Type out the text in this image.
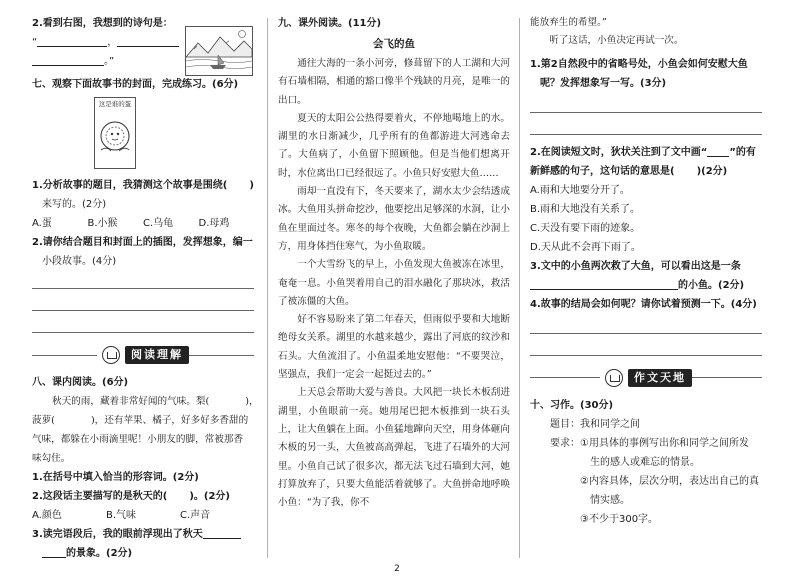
2.看到右图，我想到的诗句是：
“	，
。”
七、观察下面故事书的封面，完成练习。(6分)
这是谁的蛋
1.分析故事的题目，我猜测这个故事是围绕( )
来写的。(2分)
A.蛋	B.小猴	C.乌龟	D.母鸡
2.请你结合题目和封面上的插图，发挥想象，编一
小段故事。(4分)
阅读理解
八、课内阅读。(6分)
秋天的雨，藏着非常好闻的气味。梨(	)，
菠萝(	)，还有苹果、橘子，好多好多香甜的
气味，都躲在小雨滴里呢！小朋友的脚，常被那香
味勾住。
1.在括号中填入恰当的形容词。(2分)
2.这段话主要描写的是秋天的( )。(2分)
A.颜色	B.气味	C.声音
3.读完语段后，我的眼前浮现出了秋天
的景象。(2分)
九、课外阅读。(11分)
会飞的鱼

通往大海的一条小河旁，修葺留下的人工湖和大河有石墙相隔，相通的豁口像半个残缺的月亮，是唯一的出口。

夏天的太阳公公热得要着火，不停地喝地上的水。湖里的水日渐减少，几乎所有的鱼都游进大河逃命去了。大鱼病了，小鱼留下照顾他。但是当他们想离开时，水位离出口已经很远了。小鱼只好安慰大鱼……

雨却一直没有下，冬天要来了，湖水太少会结透成冰。大鱼用头拼命挖沙，他要挖出足够深的水洞，让小鱼在里面过冬。寒冬的每个夜晚，大鱼都会躺在沙洞上方，用身体挡住寒气，为小鱼取暖。

一个大雪纷飞的早上，小鱼发现大鱼被冻在冰里，奄奄一息。小鱼哭着用自己的泪水融化了那块冰，救活了被冻僵的大鱼。

好不容易盼来了第二年春天，但雨似乎要和大地断绝母女关系。湖里的水越来越少，露出了河底的纹沙和石头。大鱼流泪了。小鱼温柔地安慰他：“不要哭泣，坚强点，我们一定会一起挺过去的。”

上天总会帮助大爱与善良。大风把一块长木板刮进湖里，小鱼眼前一亮。她用尾巴把木板推到一块石头上，让大鱼躺在上面。小鱼猛地蹿向天空，用身体砸向木板的另一头，大鱼被高高弹起，飞进了石墙外的大河里。小鱼自己试了很多次，都无法飞过石墙到大河，她打算放弃了，只要大鱼能活着就够了。大鱼拼命地呼唤小鱼：“为了我，你不

能放弃生的希望。”

听了这话，小鱼决定再试一次。

1.第2自然段中的省略号处，小鱼会如何安慰大鱼
呢？发挥想象写一写。(3分)
2.在阅读短文时，狄状关注到了文中画“ ”的有
新鲜感的句子，这句话的意思是( )(2分)
A.雨和大地要分开了。
B.雨和大地没有关系了。
C.天没有要下雨的迹象。
D.天从此不会再下雨了。
3.文中的小鱼两次救了大鱼，可以看出这是一条
的小鱼。(2分)
4.故事的结局会如何呢？请你试着预测一下。(4分)
作文天地
十、习作。(30分)
题目：我和同学之间
要求：①用具体的事例写出你和同学之间所发
生的感人或难忘的情景。
②内容具体，层次分明，表达出自己的真
情实感。
③不少于300字。
2
